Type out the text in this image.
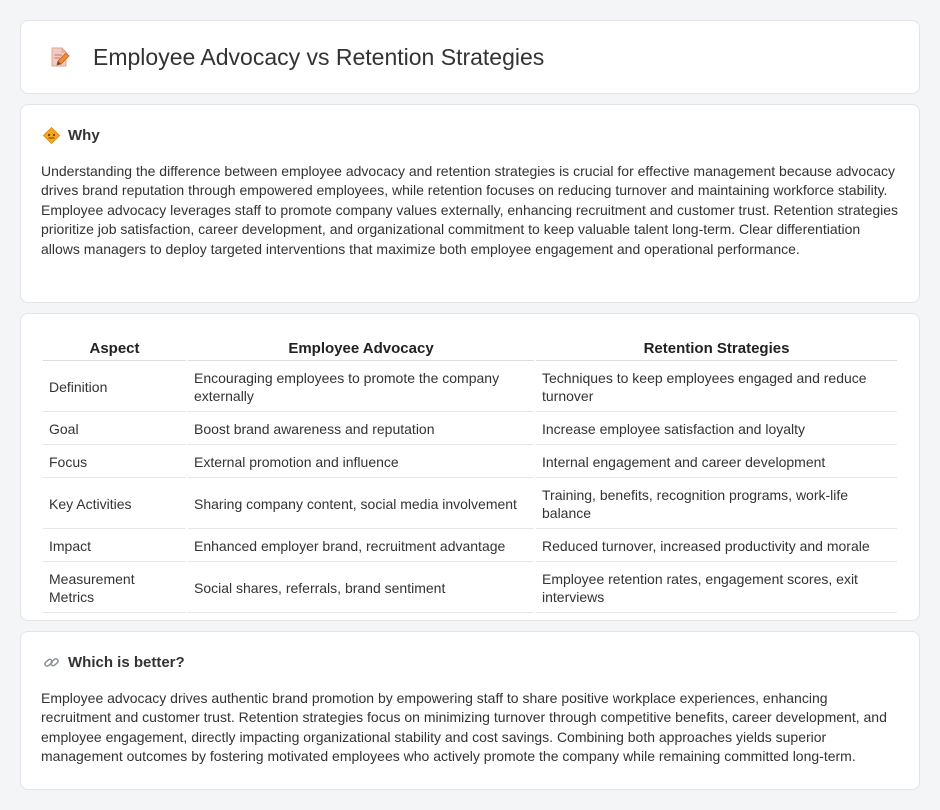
Employee Advocacy vs Retention Strategies
Why

Understanding the difference between employee advocacy and retention strategies is crucial for effective management because advocacy drives brand reputation through empowered employees, while retention focuses on reducing turnover and maintaining workforce stability. Employee advocacy leverages staff to promote company values externally, enhancing recruitment and customer trust. Retention strategies prioritize job satisfaction, career development, and organizational commitment to keep valuable talent long-term. Clear differentiation allows managers to deploy targeted interventions that maximize both employee engagement and operational performance.

Aspect	Employee Advocacy	Retention Strategies
Definition	Encouraging employees to promote the company externally	Techniques to keep employees engaged and reduce turnover
Goal	Boost brand awareness and reputation	Increase employee satisfaction and loyalty
Focus	External promotion and influence	Internal engagement and career development
Key Activities	Sharing company content, social media involvement	Training, benefits, recognition programs, work-life balance
Impact	Enhanced employer brand, recruitment advantage	Reduced turnover, increased productivity and morale
Measurement Metrics	Social shares, referrals, brand sentiment	Employee retention rates, engagement scores, exit interviews
Which is better?

Employee advocacy drives authentic brand promotion by empowering staff to share positive workplace experiences, enhancing recruitment and customer trust. Retention strategies focus on minimizing turnover through competitive benefits, career development, and employee engagement, directly impacting organizational stability and cost savings. Combining both approaches yields superior management outcomes by fostering motivated employees who actively promote the company while remaining committed long-term.
